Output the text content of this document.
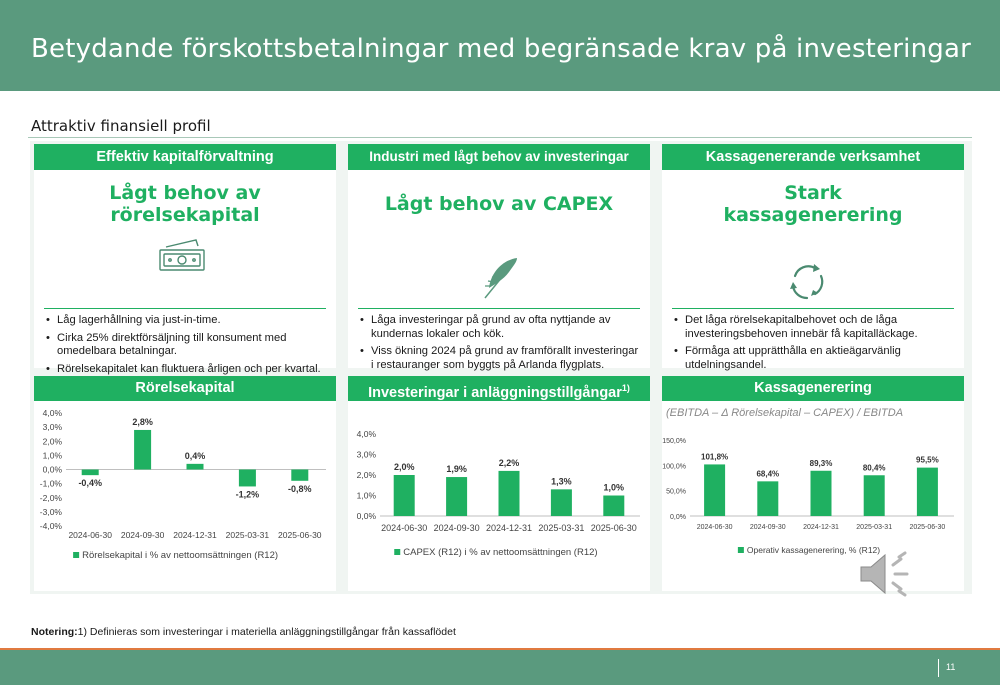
Betydande förskottsbetalningar med begränsade krav på investeringar
Attraktiv finansiell profil
Effektiv kapitalförvaltning
Lågt behov av
rörelsekapital
• Låg lagerhållning via just-in-time.
• Cirka 25% direktförsäljning till konsument med omedelbara betalningar.
• Rörelsekapitalet kan fluktuera årligen och per kvartal.
Industri med lågt behov av investeringar
Lågt behov av CAPEX
• Låga investeringar på grund av ofta nyttjande av kundernas lokaler och kök.
• Viss ökning 2024 på grund av framförallt investeringar i restauranger som byggts på Arlanda flygplats.
Kassagenererande verksamhet
Stark
kassagenerering
• Det låga rörelsekapitalbehovet och de låga investeringsbehoven innebär få kapitalläckage.
• Förmåga att upprätthålla en aktieägarvänlig utdelningsandel.
Rörelsekapital	Investeringar i anläggningstillgångar$^{1)}$	Kassagenerering
4,0%
3,0%
2,0%
1,0%
0,0%
-1,0%
-2,0%
-3,0%
-4,0%
-0,4%
2024-06-30
2,8%
2024-09-30
0,4%
2024-12-31
-1,2%
2025-03-31
-0,8%
2025-06-30
Rörelsekapital i % av nettoomsättningen (R12)
4,0%
3,0%
2,0%
1,0%
0,0%
2,0%
2024-06-30
1,9%
2024-09-30
2,2%
2024-12-31
1,3%
2025-03-31
1,0%
2025-06-30
CAPEX (R12) i % av nettoomsättningen (R12)
(EBITDA – Δ Rörelsekapital – CAPEX) / EBITDA
150,0%
100,0%
50,0%
0,0%
101,8%
2024-06-30
68,4%
2024-09-30
89,3%
2024-12-31
80,4%
2025-03-31
95,5%
2025-06-30
Operativ kassagenerering, % (R12)
Notering:1) Definieras som investeringar i materiella anläggningstillgångar från kassaflödet
11
